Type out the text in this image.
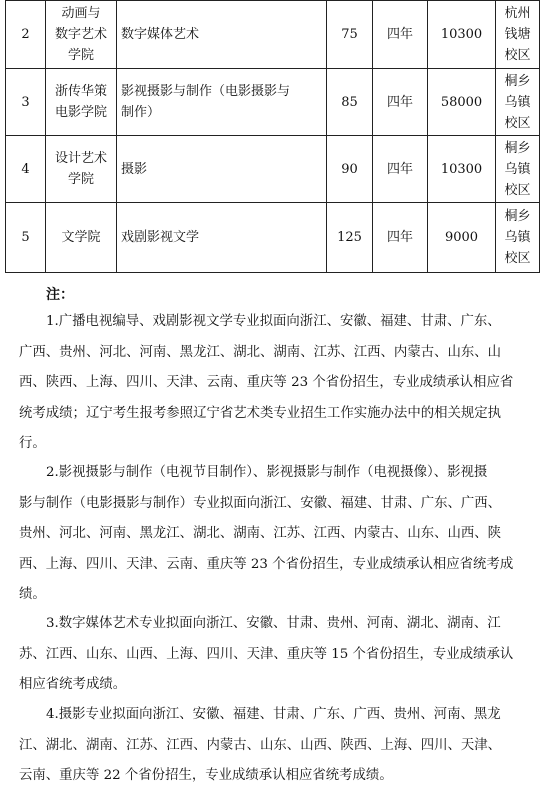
2	动画与
数字艺术
学院	数字媒体艺术	75	四年	10300	杭州
钱塘
校区

3	浙传华策
电影学院	影视摄影与制作（电影摄影与
制作）	85	四年	58000	桐乡
乌镇
校区

4	设计艺术
学院	摄影	90	四年	10300	桐乡
乌镇
校区

5	文学院	戏剧影视文学	125	四年	9000	桐乡
乌镇
校区
注：
1.广播电视编导、戏剧影视文学专业拟面向浙江、安徽、福建、甘肃、广东、
广西、贵州、河北、河南、黑龙江、湖北、湖南、江苏、江西、内蒙古、山东、山
西、陕西、上海、四川、天津、云南、重庆等 23 个省份招生，专业成绩承认相应省
统考成绩；辽宁考生报考参照辽宁省艺术类专业招生工作实施办法中的相关规定执
行。
2.影视摄影与制作（电视节目制作）、影视摄影与制作（电视摄像）、影视摄
影与制作（电影摄影与制作）专业拟面向浙江、安徽、福建、甘肃、广东、广西、
贵州、河北、河南、黑龙江、湖北、湖南、江苏、江西、内蒙古、山东、山西、陕
西、上海、四川、天津、云南、重庆等 23 个省份招生，专业成绩承认相应省统考成
绩。
3.数字媒体艺术专业拟面向浙江、安徽、甘肃、贵州、河南、湖北、湖南、江
苏、江西、山东、山西、上海、四川、天津、重庆等 15 个省份招生，专业成绩承认
相应省统考成绩。
4.摄影专业拟面向浙江、安徽、福建、甘肃、广东、广西、贵州、河南、黑龙
江、湖北、湖南、江苏、江西、内蒙古、山东、山西、陕西、上海、四川、天津、
云南、重庆等 22 个省份招生，专业成绩承认相应省统考成绩。
